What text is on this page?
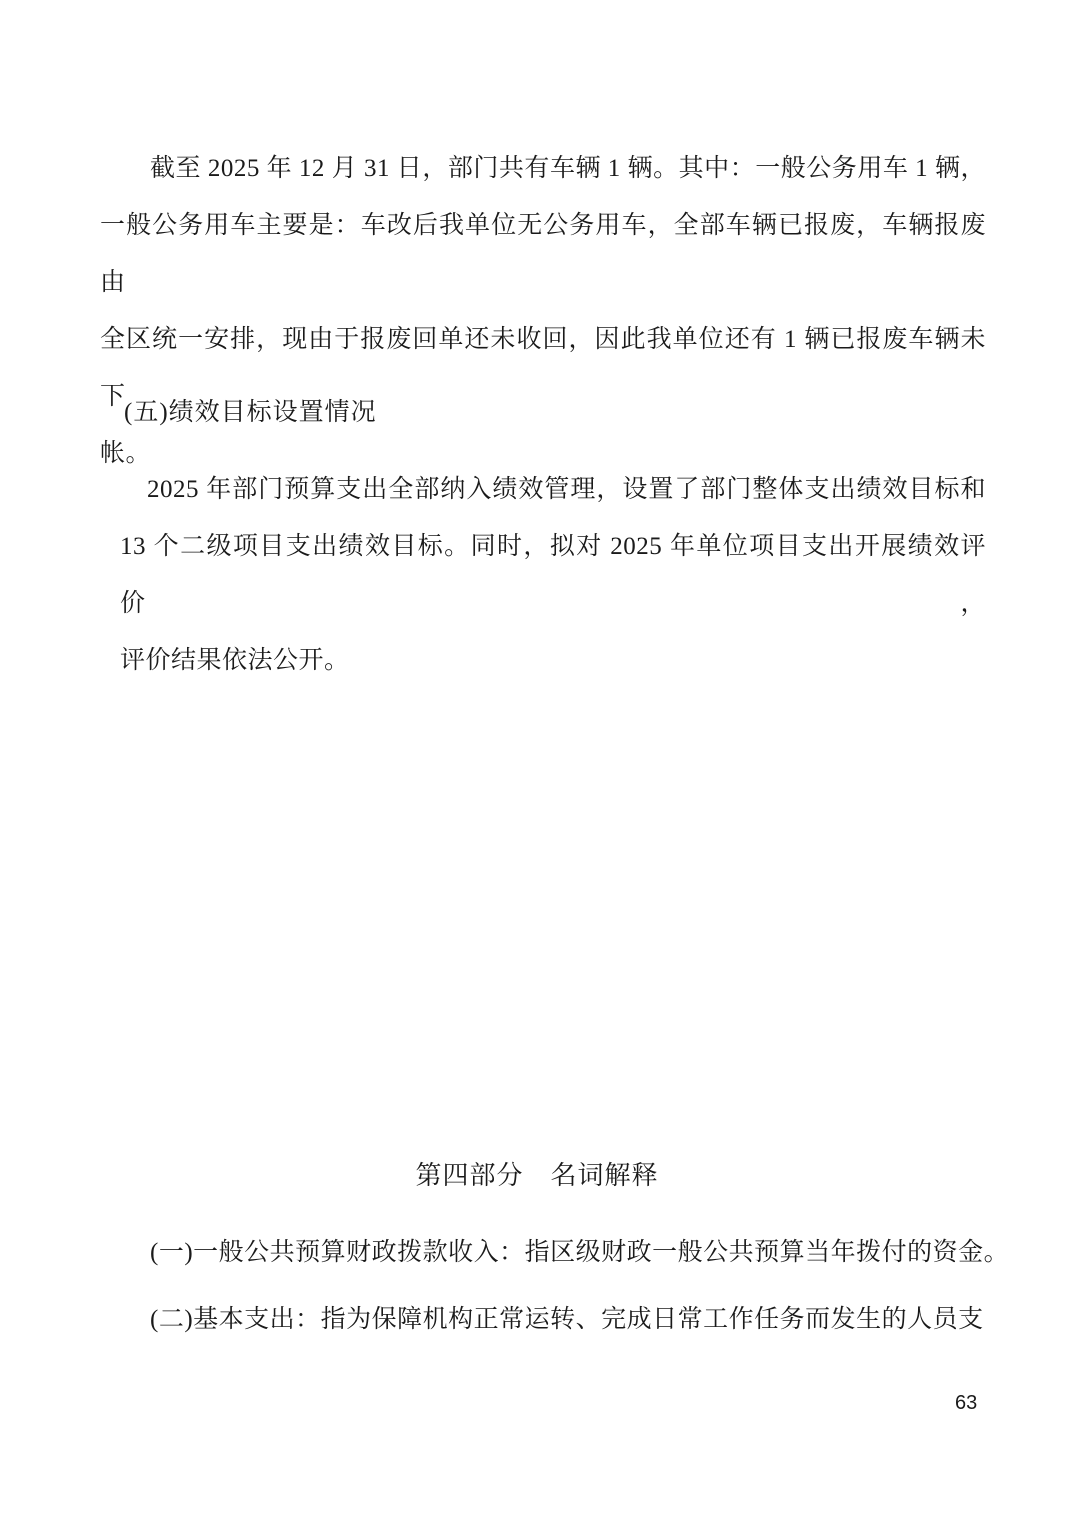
截至 2025 年 12 月 31 日，部门共有车辆 1 辆。其中：一般公务用车 1 辆，
一般公务用车主要是：车改后我单位无公务用车，全部车辆已报废，车辆报废由
全区统一安排，现由于报废回单还未收回，因此我单位还有 1 辆已报废车辆未下
帐。
(五)绩效目标设置情况
2025 年部门预算支出全部纳入绩效管理，设置了部门整体支出绩效目标和
13 个二级项目支出绩效目标。同时，拟对 2025 年单位项目支出开展绩效评价，
评价结果依法公开。
第四部分　名词解释
(一)一般公共预算财政拨款收入：指区级财政一般公共预算当年拨付的资金。
(二)基本支出：指为保障机构正常运转、完成日常工作任务而发生的人员支
63
